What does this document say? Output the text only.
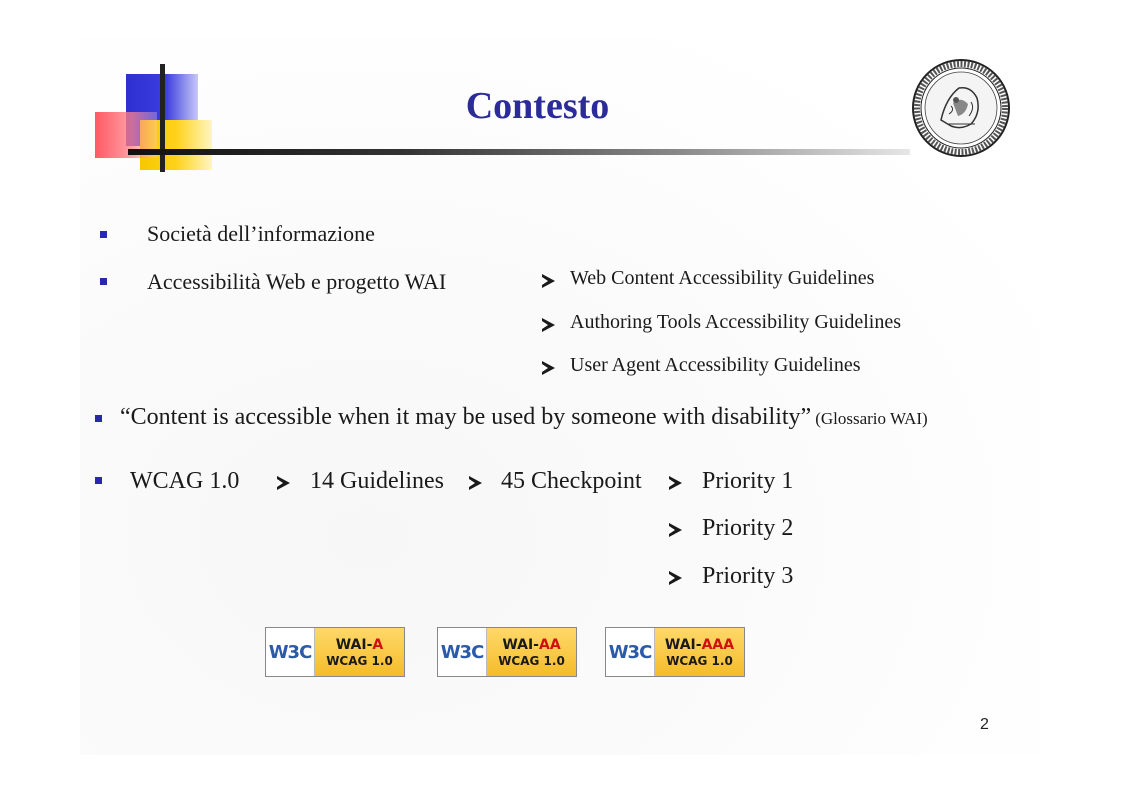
Contesto
Società dell’informazione
Accessibilità Web e progetto WAI	Web Content Accessibility Guidelines
Authoring Tools Accessibility Guidelines
User Agent Accessibility Guidelines
“Content is accessible when it may be used by someone with disability” (Glossario WAI)
WCAG 1.0	14 Guidelines 45 Checkpoint	Priority 1
Priority 2
Priority 3
W3C WAI-A
WCAG 1.0	W3C WAI-AA
WCAG 1.0 W3C WAI-AAA
WCAG 1.0
2
